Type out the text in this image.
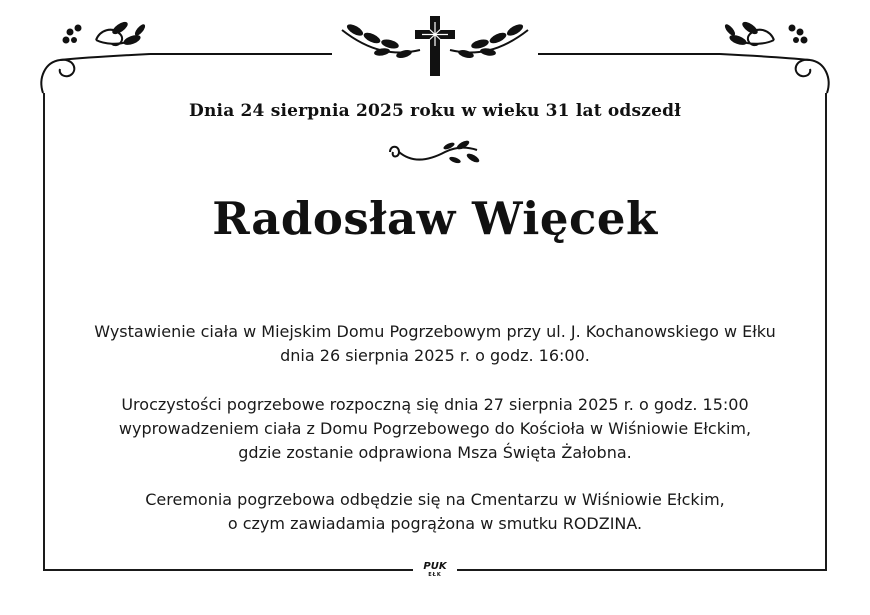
Dnia 24 sierpnia 2025 roku w wieku 31 lat odszedł
Radosław Więcek
Wystawienie ciała w Miejskim Domu Pogrzebowym przy ul. J. Kochanowskiego w Ełku
dnia 26 sierpnia 2025 r. o godz. 16:00.
Uroczystości pogrzebowe rozpoczną się dnia 27 sierpnia 2025 r. o godz. 15:00
wyprowadzeniem ciała z Domu Pogrzebowego do Kościoła w Wiśniowie Ełckim,
gdzie zostanie odprawiona Msza Święta Żałobna.
Ceremonia pogrzebowa odbędzie się na Cmentarzu w Wiśniowie Ełckim,
o czym zawiadamia pogrążona w smutku RODZINA.
PUK
EŁK
